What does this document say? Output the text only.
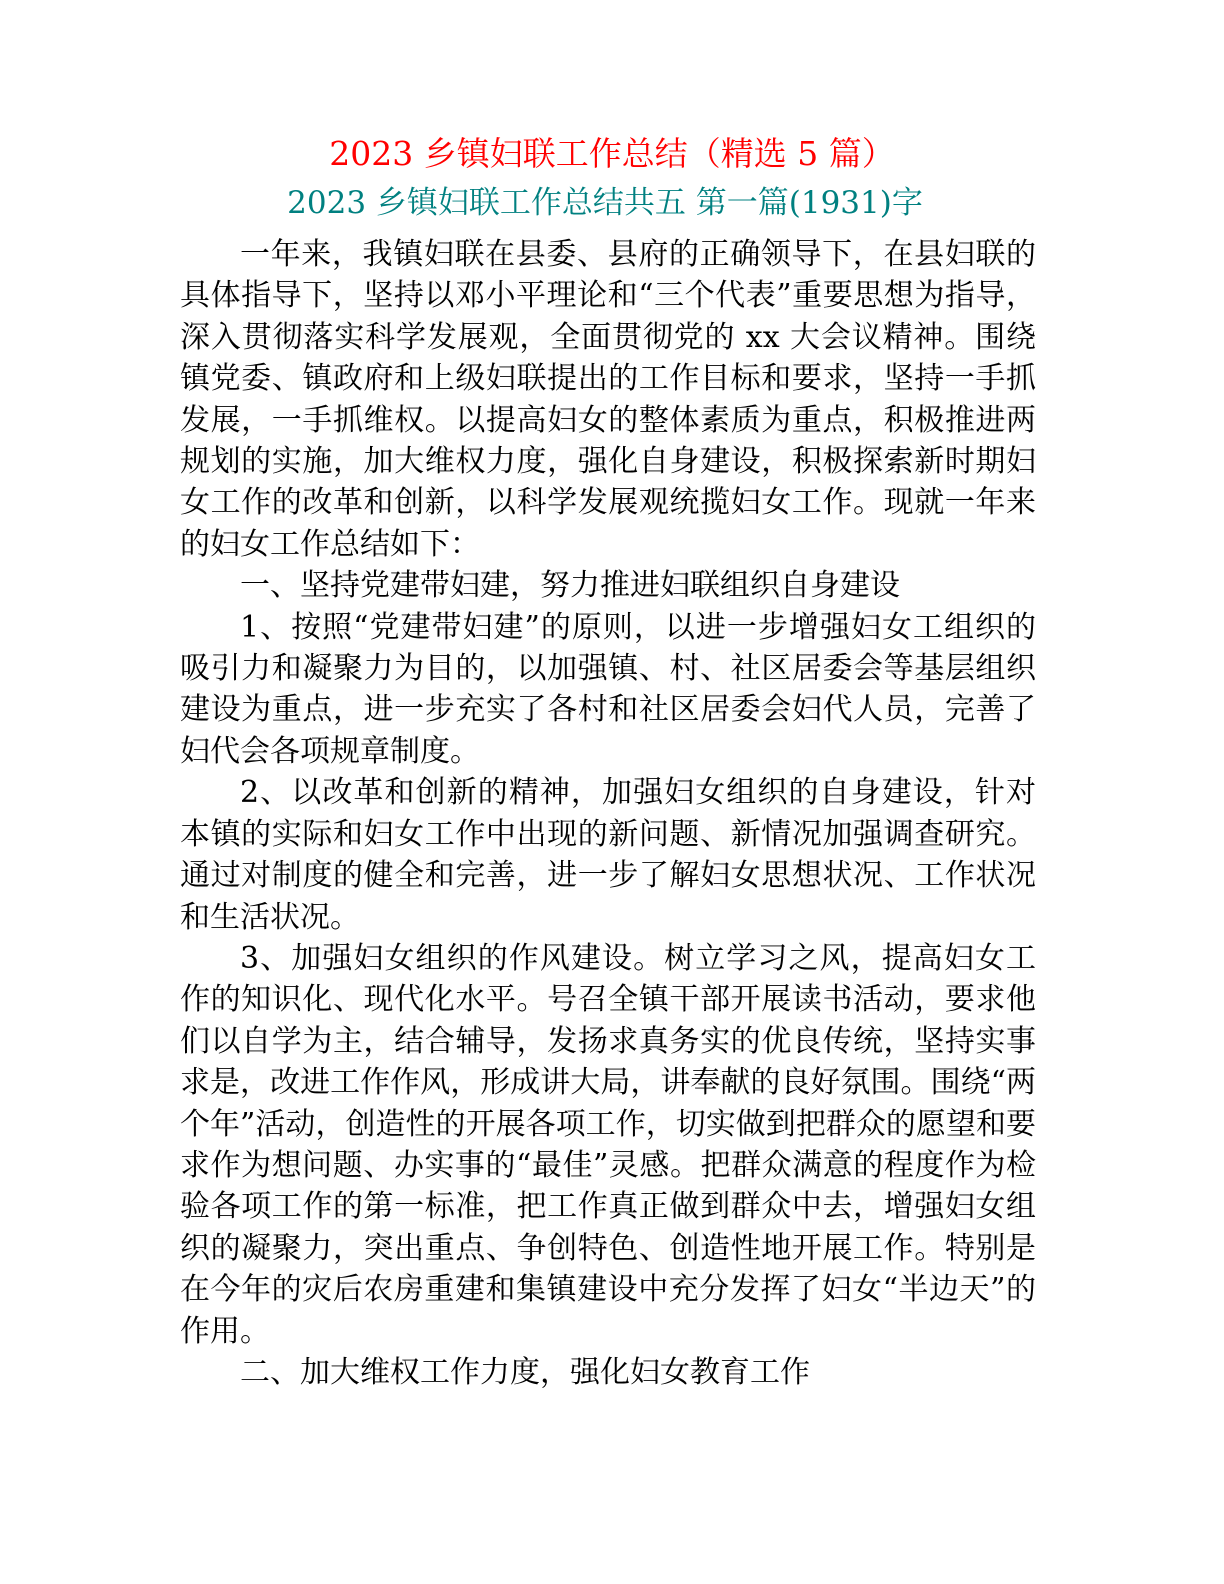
2023 乡镇妇联工作总结（精选 5 篇）
2023 乡镇妇联工作总结共五 第一篇(1931)字

一年来，我镇妇联在县委、县府的正确领导下，在县妇联的具体指导下，坚持以邓小平理论和“三个代表”重要思想为指导，深入贯彻落实科学发展观，全面贯彻党的 xx 大会议精神。围绕镇党委、镇政府和上级妇联提出的工作目标和要求，坚持一手抓发展，一手抓维权。以提高妇女的整体素质为重点，积极推进两规划的实施，加大维权力度，强化自身建设，积极探索新时期妇女工作的改革和创新，以科学发展观统揽妇女工作。现就一年来的妇女工作总结如下：

一、坚持党建带妇建，努力推进妇联组织自身建设

1、按照“党建带妇建”的原则，以进一步增强妇女工组织的吸引力和凝聚力为目的，以加强镇、村、社区居委会等基层组织建设为重点，进一步充实了各村和社区居委会妇代人员，完善了妇代会各项规章制度。

2、以改革和创新的精神，加强妇女组织的自身建设，针对本镇的实际和妇女工作中出现的新问题、新情况加强调查研究。通过对制度的健全和完善，进一步了解妇女思想状况、工作状况和生活状况。

3、加强妇女组织的作风建设。树立学习之风，提高妇女工作的知识化、现代化水平。号召全镇干部开展读书活动，要求他们以自学为主，结合辅导，发扬求真务实的优良传统，坚持实事求是，改进工作作风，形成讲大局，讲奉献的良好氛围。围绕“两个年”活动，创造性的开展各项工作，切实做到把群众的愿望和要求作为想问题、办实事的“最佳”灵感。把群众满意的程度作为检验各项工作的第一标准，把工作真正做到群众中去，增强妇女组织的凝聚力，突出重点、争创特色、创造性地开展工作。特别是在今年的灾后农房重建和集镇建设中充分发挥了妇女“半边天”的作用。

二、加大维权工作力度，强化妇女教育工作
